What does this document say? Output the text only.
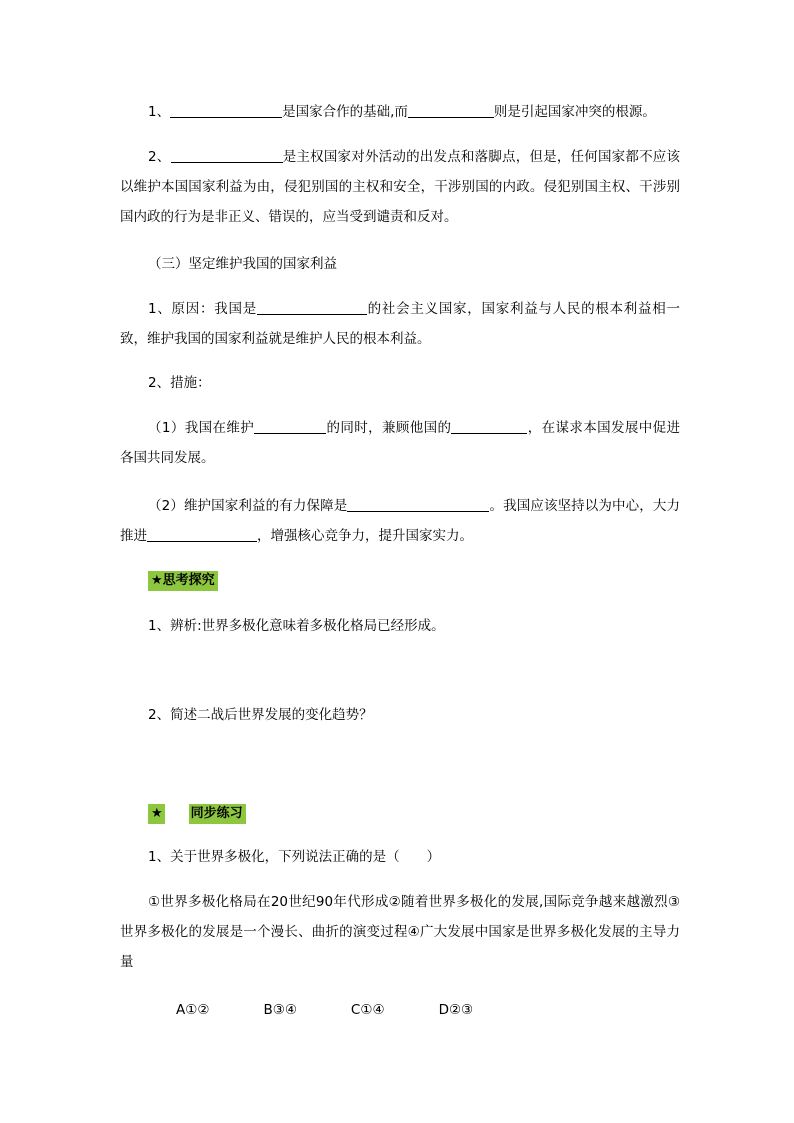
1、	是国家合作的基础,而	则是引起国家冲突的根源。

2、	是主权国家对外活动的出发点和落脚点，但是，任何国家都不应该以维护本国国家利益为由，侵犯别国的主权和安全，干涉别国的内政。侵犯别国主权、干涉别国内政的行为是非正义、错误的，应当受到谴责和反对。

（三）坚定维护我国的国家利益

1、原因：我国是	的社会主义国家，国家利益与人民的根本利益相一致，维护我国的国家利益就是维护人民的根本利益。

2、措施：

（1）我国在维护	的同时，兼顾他国的	，在谋求本国发展中促进各国共同发展。

（2）维护国家利益的有力保障是	。我国应该坚持以为中心，大力推进	，增强核心竞争力，提升国家实力。

★思考探究

1、辨析:世界多极化意味着多极化格局已经形成。

2、简述二战后世界发展的变化趋势？

★ 同步练习

1、关于世界多极化，下列说法正确的是（　　）

①世界多极化格局在20世纪90年代形成②随着世界多极化的发展,国际竞争越来越激烈③世界多极化的发展是一个漫长、曲折的演变过程④广大发展中国家是世界多极化发展的主导力量

A①②	B③④	C①④	D②③
